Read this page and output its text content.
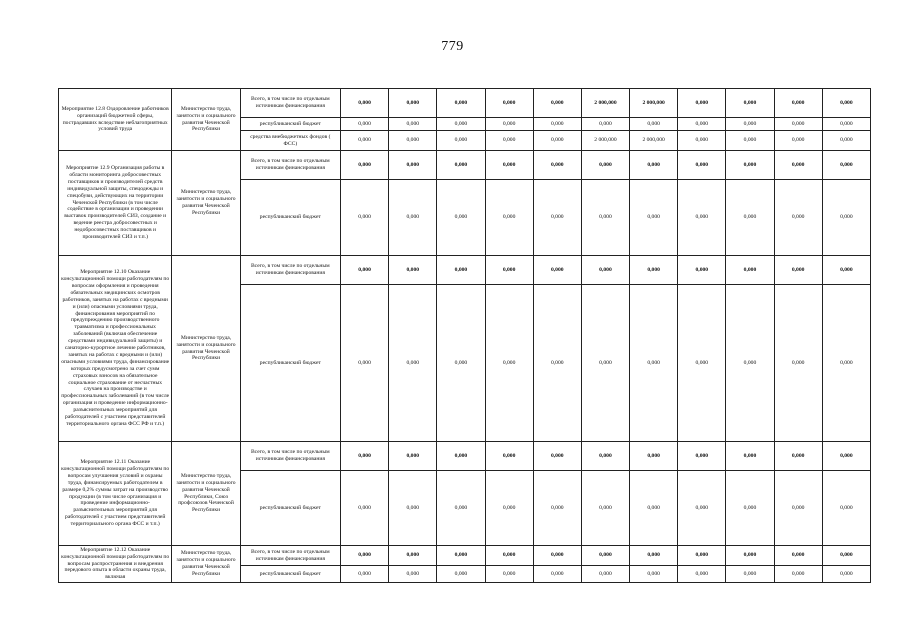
779
Мероприятие 12.8 Оздоровление работников организаций бюджетной сферы, пострадавших вследствие неблагоприятных условий труда	Министерство труда, занятости и социального развития Чеченской Республики	Всего, в том числе по отдельным источникам финансирования	0,000	0,000	0,000	0,000	0,000	2 000,000	2 000,000	0,000	0,000	0,000	0,000
		республиканский бюджет	0,000	0,000	0,000	0,000	0,000	0,000	0,000	0,000	0,000	0,000	0,000
		средства внебюджетных фондов ( ФСС)	0,000	0,000	0,000	0,000	0,000	2 000,000	2 000,000	0,000	0,000	0,000	0,000
Мероприятие 12.9 Организация работы в области мониторинга добросовестных поставщиков и производителей средств индивидуальной защиты, спецодежды и спецобуви, действующих на территории Чеченской Республики (в том числе содействие в организации и проведении выставок производителей СИЗ, создание и ведение реестра добросовестных и недобросовестных поставщиков и производителей СИЗ и т.п.)	Министерство труда, занятости и социального развития Чеченской Республики	Всего, в том числе по отдельным источникам финансирования	0,000	0,000	0,000	0,000	0,000	0,000	0,000	0,000	0,000	0,000	0,000
		республиканский бюджет	0,000	0,000	0,000	0,000	0,000	0,000	0,000	0,000	0,000	0,000	0,000
Мероприятие 12.10 Оказание консультационной помощи работодателям по вопросам оформления и проведения обязательных медицинских осмотров работников, занятых на работах с вредными и (или) опасными условиями труда, финансирования мероприятий по предупреждению производственного травматизма и профессиональных заболеваний (включая обеспечение средствами индивидуальной защиты) и санаторно-курортное лечение работников, занятых на работах с вредными и (или) опасными условиями труда, финансирование которых предусмотрено за счет сумм страховых взносов на обязательное социальное страхование от несчастных случаев на производстве и профессиональных заболеваний (в том числе организация и проведение информационно-разъяснительных мероприятий для работодателей с участием представителей территориального органа ФСС РФ и т.п.)	Министерство труда, занятости и социального развития Чеченской Республики	Всего, в том числе по отдельным источникам финансирования	0,000	0,000	0,000	0,000	0,000	0,000	0,000	0,000	0,000	0,000	0,000
		республиканский бюджет	0,000	0,000	0,000	0,000	0,000	0,000	0,000	0,000	0,000	0,000	0,000
Мероприятие 12.11 Оказание консультационной помощи работодателям по вопросам улучшения условий и охраны труда, финансируемых работодателем в размере 0,2% суммы затрат на производство продукции (в том числе организация и проведение информационно-разъяснительных мероприятий для работодателей с участием представителей территориального органа ФСС и т.п.)	Министерство труда, занятости и социального развития Чеченской Республики, Союз профсоюзов Чеченской Республики	Всего, в том числе по отдельным источникам финансирования	0,000	0,000	0,000	0,000	0,000	0,000	0,000	0,000	0,000	0,000	0,000
		республиканский бюджет	0,000	0,000	0,000	0,000	0,000	0,000	0,000	0,000	0,000	0,000	0,000
Мероприятие 12.12 Оказание консультационной помощи работодателям по вопросам распространения и внедрения передового опыта в области охраны труда, включая	Министерство труда, занятости и социального развития Чеченской Республики	Всего, в том числе по отдельным источникам финансирования	0,000	0,000	0,000	0,000	0,000	0,000	0,000	0,000	0,000	0,000	0,000
		республиканский бюджет	0,000	0,000	0,000	0,000	0,000	0,000	0,000	0,000	0,000	0,000	0,000
